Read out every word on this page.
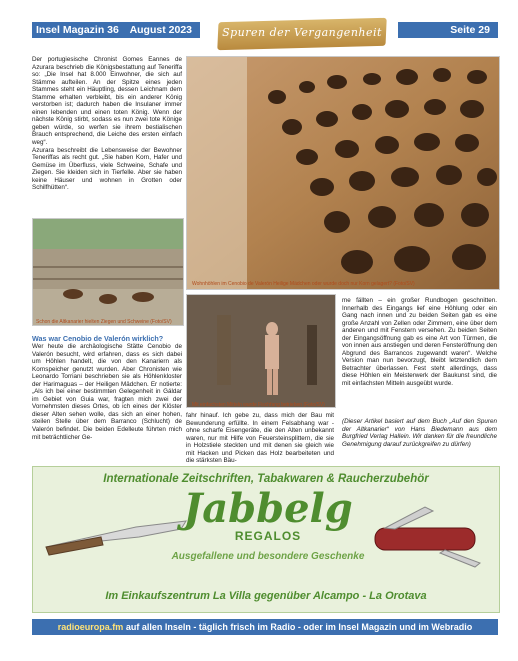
Insel Magazin 36 August 2023	Spuren der Vergangenheit	Seite 29

Der portugiesische Chronist Gomes Eannes de Azurara beschrieb die Königsbestattung auf Teneriffa so: „Die Insel hat 8.000 Einwohner, die sich auf Stämme aufteilen. An der Spitze eines jeden Stammes steht ein Häuptling, dessen Leichnam dem Stamme erhalten verbleibt, bis ein anderer König verstorben ist; dadurch haben die Insulaner immer einen lebenden und einen toten König. Wenn der nächste König stirbt, sodass es nun zwei tote Könige geben würde, so werfen sie ihrem bestialischen Brauch entsprechend, die Leiche des ersten einfach weg“.

Azurara beschreibt die Lebensweise der Bewohner Teneriffas als recht gut. „Sie haben Korn, Hafer und Gemüse im Überfluss, viele Schweine, Schafe und Ziegen. Sie kleiden sich in Tierfelle. Aber sie haben keine Häuser und wohnen in Grotten oder Schilfhütten“.

Wohnhöhlen im Cenobio de Valerón Heilige Mädchen oder wurde doch nur Korn gelagert? (Foto/SV)
Schon die Altkanarier hielten Ziegen und Schweine (Foto/SV)
Was war Cenobio de Valerón wirklich?

Wer heute die archäologische Stätte Cenobio de Valerón besucht, wird erfahren, dass es sich dabei um Höhlen handelt, die von den Kanariern als Kornspeicher genutzt wurden. Aber Chronisten wie Leonardo Torriani beschrieben sie als Höhlenkloster der Harimaguas – der Heiligen Mädchen. Er notierte: „Als ich bei einer bestimmten Gelegenheit in Gáldar im Gebiet von Guia war, fragten mich zwei der Vornehmsten dieses Ortes, ob ich eines der Klöster dieser Alten sehen wolle, das sich an einer hohen, steilen Stelle über dem Barranco (Schlucht) de Valerón befindet. Die beiden Edelleute führten mich mit beträchtlicher Ge-

Mit einfachsten Mitteln wurde Fischfang betrieben (Foto/SV)

fahr hinauf. Ich gebe zu, dass mich der Bau mit Bewunderung erfüllte. In einem Felsabhang war - ohne scharfe Eisengeräte, die den Alten unbekannt waren, nur mit Hilfe von Feuersteinsplittern, die sie in Holzstiele steckten und mit denen sie gleich wie mit Hacken und Picken das Holz bearbeiteten und die stärksten Bäu-

me fällten – ein großer Rundbogen geschnitten. Innerhalb des Eingangs lief eine Höhlung oder ein Gang nach innen und zu beiden Seiten gab es eine große Anzahl von Zellen oder Zimmern, eine über dem anderen und mit Fenstern versehen. Zu beiden Seiten der Eingangsöffnung gab es eine Art von Türmen, die von innen aus anstiegen und deren Fensteröffnung den Abgrund des Barrancos zugewandt waren“. Welche Version man nun bevorzugt, bleibt letztendlich dem Betrachter überlassen. Fest steht allerdings, dass diese Höhlen ein Meisterwerk der Baukunst sind, die mit einfachsten Mitteln ausgeübt wurde.

(Dieser Artikel basiert auf dem Buch „Auf den Spuren der Altkanarier“ von Hans Biedemann aus dem Burgfried Verlag Hallein. Wir danken für die freundliche Genehmigung darauf zurückgreifen zu dürfen)

Internationale Zeitschriften, Tabakwaren & Raucherzubehör
Jabbelg
REGALOS
Ausgefallene und besondere Geschenke
Im Einkaufszentrum La Villa gegenüber Alcampo - La Orotava
radioeuropa.fm auf allen Inseln - täglich frisch im Radio - oder im Insel Magazin und im Webradio
